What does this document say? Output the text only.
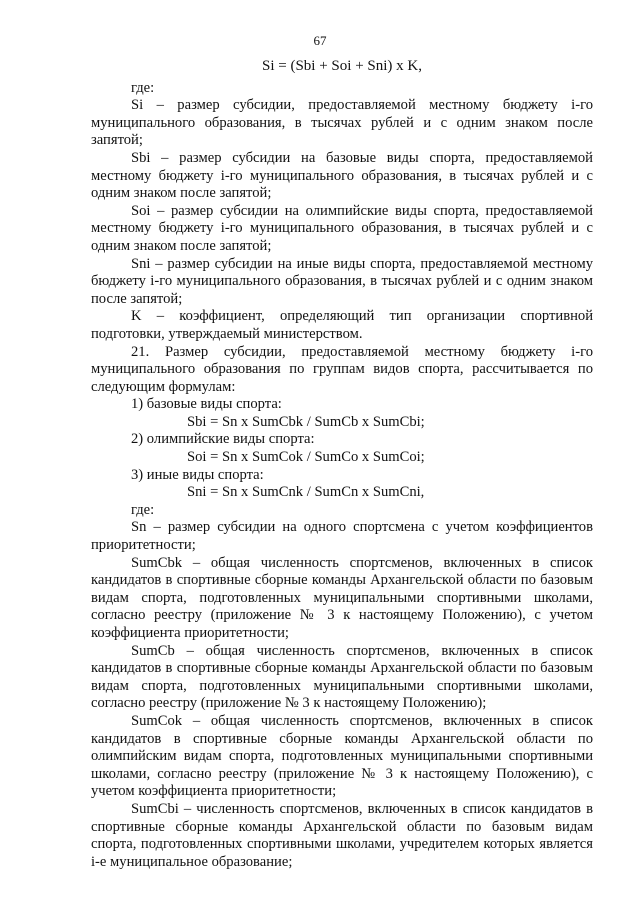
67

Si = (Sbi + Soi + Sni) х K,

где:

Si – размер субсидии, предоставляемой местному бюджету i-го муниципального образования, в тысячах рублей и с одним знаком после запятой;

Sbi – размер субсидии на базовые виды спорта, предоставляемой местному бюджету i-го муниципального образования, в тысячах рублей и с одним знаком после запятой;

Soi – размер субсидии на олимпийские виды спорта, предоставляемой местному бюджету i-го муниципального образования, в тысячах рублей и с одним знаком после запятой;

Sni – размер субсидии на иные виды спорта, предоставляемой местному бюджету i-го муниципального образования, в тысячах рублей и с одним знаком после запятой;

K – коэффициент, определяющий тип организации спортивной подготовки, утверждаемый министерством.

21. Размер субсидии, предоставляемой местному бюджету i-го муниципального образования по группам видов спорта, рассчитывается по следующим формулам:

1) базовые виды спорта:

Sbi = Sn х SumCbk / SumCb х SumCbi;

2) олимпийские виды спорта:

Soi = Sn х SumCok / SumCo х SumCoi;

3) иные виды спорта:

Sni = Sn х SumCnk / SumCn х SumCni,

где:

Sn – размер субсидии на одного спортсмена с учетом коэффициентов приоритетности;

SumCbk – общая численность спортсменов, включенных в список кандидатов в спортивные сборные команды Архангельской области по базовым видам спорта, подготовленных муниципальными спортивными школами, согласно реестру (приложение № 3 к настоящему Положению), с учетом коэффициента приоритетности;

SumCb – общая численность спортсменов, включенных в список кандидатов в спортивные сборные команды Архангельской области по базовым видам спорта, подготовленных муниципальными спортивными школами, согласно реестру (приложение № 3 к настоящему Положению);

SumCok – общая численность спортсменов, включенных в список кандидатов в спортивные сборные команды Архангельской области по олимпийским видам спорта, подготовленных муниципальными спортивными школами, согласно реестру (приложение № 3 к настоящему Положению), с учетом коэффициента приоритетности;

SumCbi – численность спортсменов, включенных в список кандидатов в спортивные сборные команды Архангельской области по базовым видам спорта, подготовленных спортивными школами, учредителем которых является i-е муниципальное образование;
